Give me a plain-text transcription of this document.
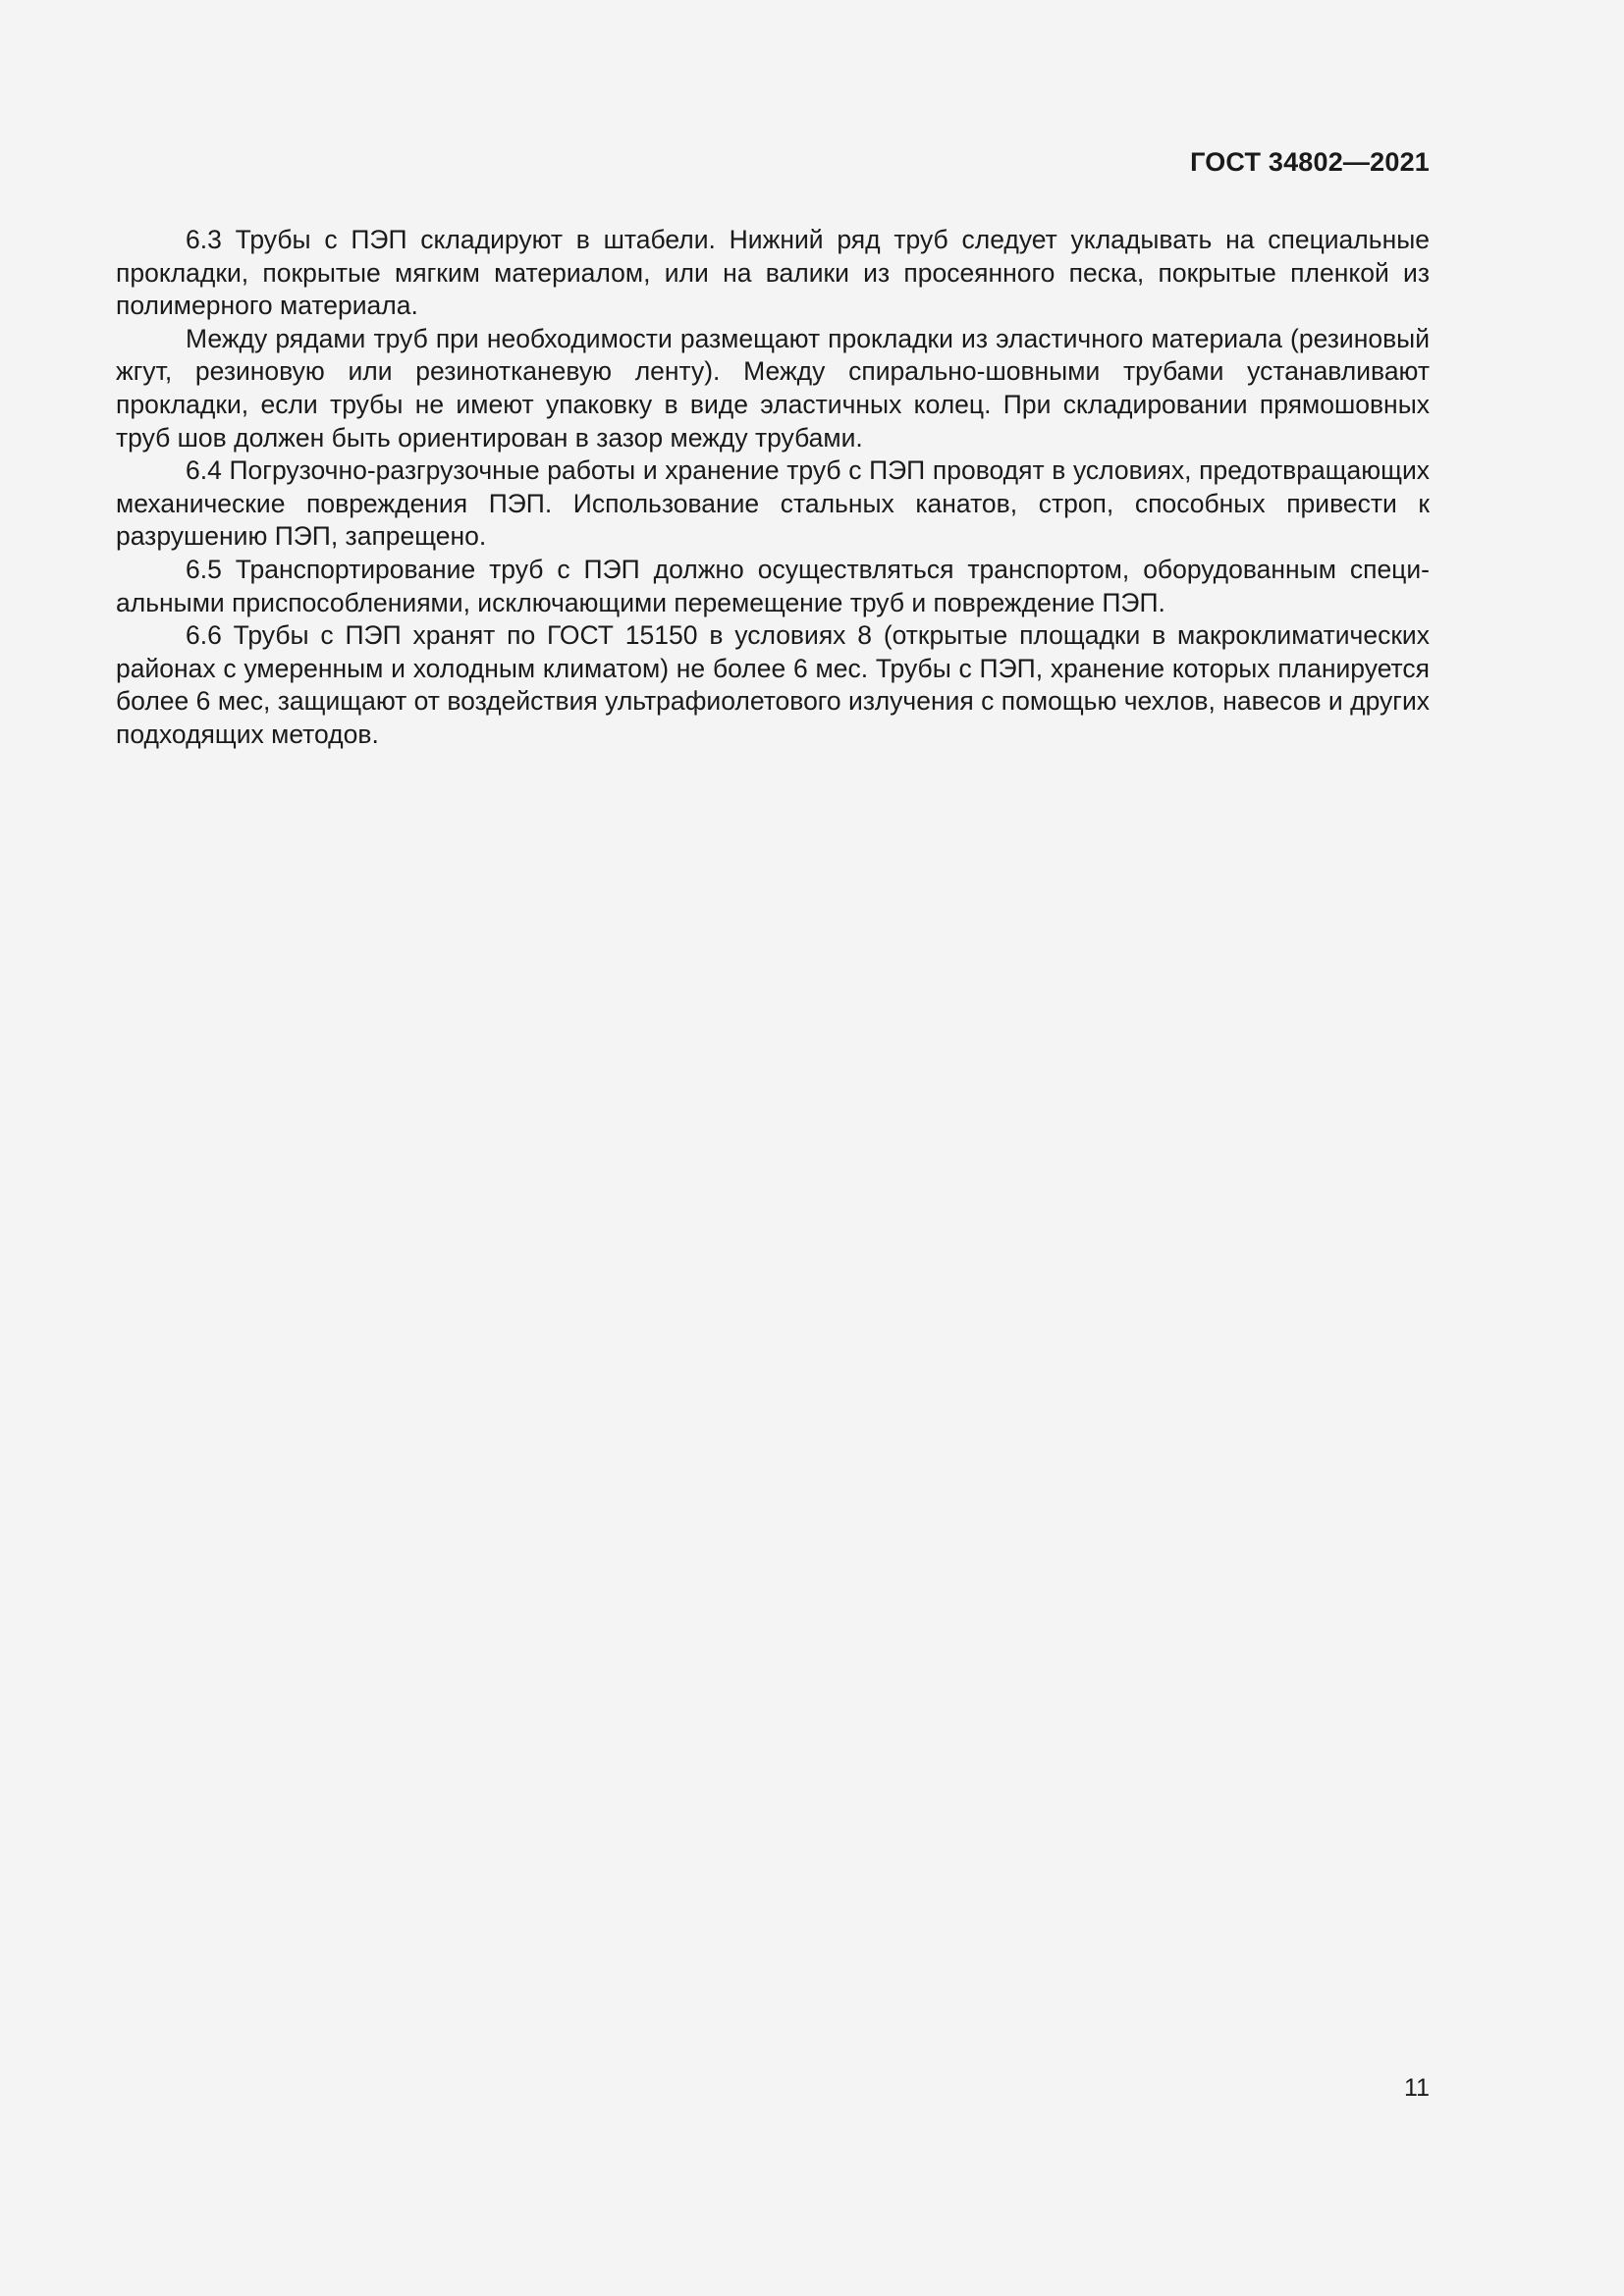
ГОСТ 34802—2021

6.3 Трубы с ПЭП складируют в штабели. Нижний ряд труб следует укладывать на специальные прокладки, покрытые мягким материалом, или на валики из просеянного песка, покрытые пленкой из полимерного материала.

Между рядами труб при необходимости размещают прокладки из эластичного материала (резиновый жгут, резиновую или резинотканевую ленту). Между спирально-шовными трубами устанавливают прокладки, если трубы не имеют упаковку в виде эластичных колец. При складировании прямошовных труб шов должен быть ориентирован в зазор между трубами.

6.4 Погрузочно-разгрузочные работы и хранение труб с ПЭП проводят в условиях, предотвращающих механические повреждения ПЭП. Использование стальных канатов, строп, способных привести к разрушению ПЭП, запрещено.

6.5 Транспортирование труб с ПЭП должно осуществляться транспортом, оборудованным специальными приспособлениями, исключающими перемещение труб и повреждение ПЭП.

6.6 Трубы с ПЭП хранят по ГОСТ 15150 в условиях 8 (открытые площадки в макроклиматических районах с умеренным и холодным климатом) не более 6 мес. Трубы с ПЭП, хранение которых планируется более 6 мес, защищают от воздействия ультрафиолетового излучения с помощью чехлов, навесов и других подходящих методов.

11
